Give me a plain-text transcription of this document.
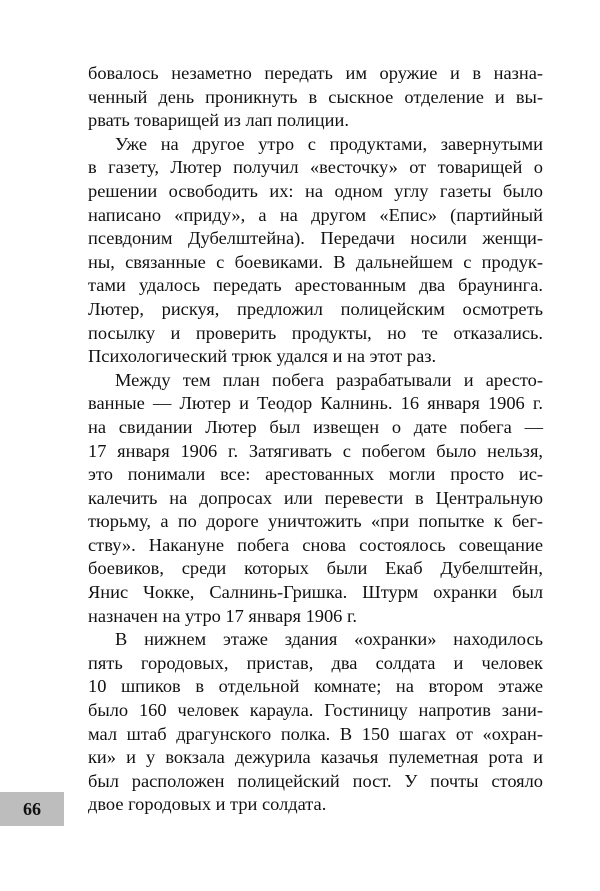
бовалось незаметно передать им оружие и в назна-
ченный день проникнуть в сыскное отделение и вы-
рвать товарищей из лап полиции.
Уже на другое утро с продуктами, завернутыми
в газету, Лютер получил «весточку» от товарищей о
решении освободить их: на одном углу газеты было
написано «приду», а на другом «Епис» (партийный
псевдоним Дубелштейна). Передачи носили женщи-
ны, связанные с боевиками. В дальнейшем с продук-
тами удалось передать арестованным два браунинга.
Лютер, рискуя, предложил полицейским осмотреть
посылку и проверить продукты, но те отказались.
Психологический трюк удался и на этот раз.
Между тем план побега разрабатывали и аресто-
ванные — Лютер и Теодор Калнинь. 16 января 1906 г.
на свидании Лютер был извещен о дате побега —
17 января 1906 г. Затягивать с побегом было нельзя,
это понимали все: арестованных могли просто ис-
калечить на допросах или перевести в Центральную
тюрьму, а по дороге уничтожить «при попытке к бег-
ству». Накануне побега снова состоялось совещание
боевиков, среди которых были Екаб Дубелштейн,
Янис Чокке, Салнинь-Гришка. Штурм охранки был
назначен на утро 17 января 1906 г.
В нижнем этаже здания «охранки» находилось
пять городовых, пристав, два солдата и человек
10 шпиков в отдельной комнате; на втором этаже
было 160 человек караула. Гостиницу напротив зани-
мал штаб драгунского полка. В 150 шагах от «охран-
ки» и у вокзала дежурила казачья пулеметная рота и
был расположен полицейский пост. У почты стояло
двое городовых и три солдата.
66
